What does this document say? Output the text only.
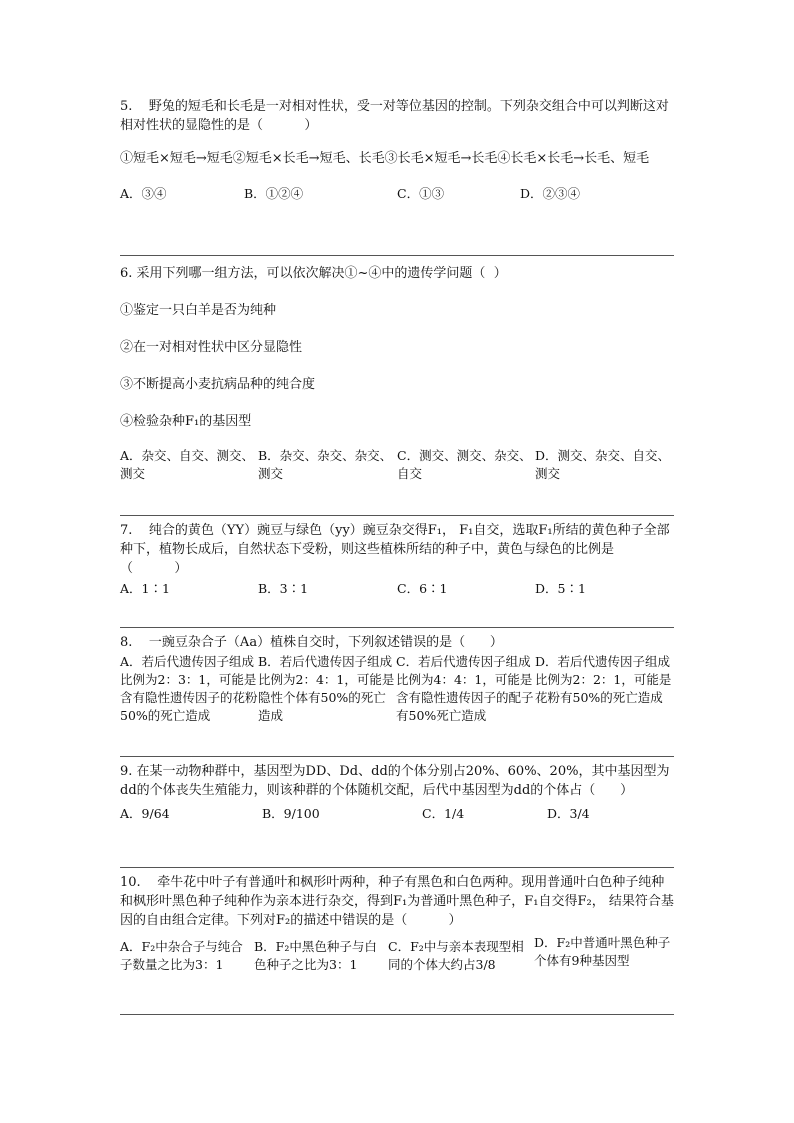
5.    野兔的短毛和长毛是一对相对性状，受一对等位基因的控制。下列杂交组合中可以判断这对相对性状的显隐性的是（          ）
①短毛×短毛→短毛②短毛×长毛→短毛、长毛③长毛×短毛→长毛④长毛×长毛→长毛、短毛
A．③④	B．①②④	C．①③	D．②③④
6. 采用下列哪一组方法，可以依次解决①~④中的遗传学问题（  ）
①鉴定一只白羊是否为纯种
②在一对相对性状中区分显隐性
③不断提高小麦抗病品种的纯合度
④检验杂种F₁的基因型
A．杂交、自交、测交、测交
B．杂交、杂交、杂交、测交
C．测交、测交、杂交、自交
D．测交、杂交、自交、测交
7.    纯合的黄色（YY）豌豆与绿色（yy）豌豆杂交得F₁， F₁自交，选取F₁所结的黄色种子全部种下，植物长成后，自然状态下受粉，则这些植株所结的种子中，黄色与绿色的比例是（          ）
A．1∶1	B．3∶1	C．6∶1	D．5∶1
8.    一豌豆杂合子（Aa）植株自交时，下列叙述错误的是（      ）
A．若后代遗传因子组成比例为2：3：1，可能是含有隐性遗传因子的花粉50%的死亡造成
B．若后代遗传因子组成比例为2：4：1，可能是隐性个体有50%的死亡造成
C．若后代遗传因子组成比例为4：4：1，可能是含有隐性遗传因子的配子有50%死亡造成
D．若后代遗传因子组成比例为2：2：1，可能是花粉有50%的死亡造成
9. 在某一动物种群中，基因型为DD、Dd、dd的个体分别占20%、60%、20%，其中基因型为dd的个体丧失生殖能力，则该种群的个体随机交配，后代中基因型为dd的个体占（      ）
A．9/64	B．9/100	C．1/4	D．3/4
10.    牵牛花中叶子有普通叶和枫形叶两种，种子有黑色和白色两种。现用普通叶白色种子纯种和枫形叶黑色种子纯种作为亲本进行杂交，得到F₁为普通叶黑色种子，F₁自交得F₂， 结果符合基因的自由组合定律。下列对F₂的描述中错误的是（          ）
A．F₂中杂合子与纯合子数量之比为3：1
B．F₂中黑色种子与白色种子之比为3：1
C．F₂中与亲本表现型相同的个体大约占3/8
D．F₂中普通叶黑色种子个体有9种基因型
